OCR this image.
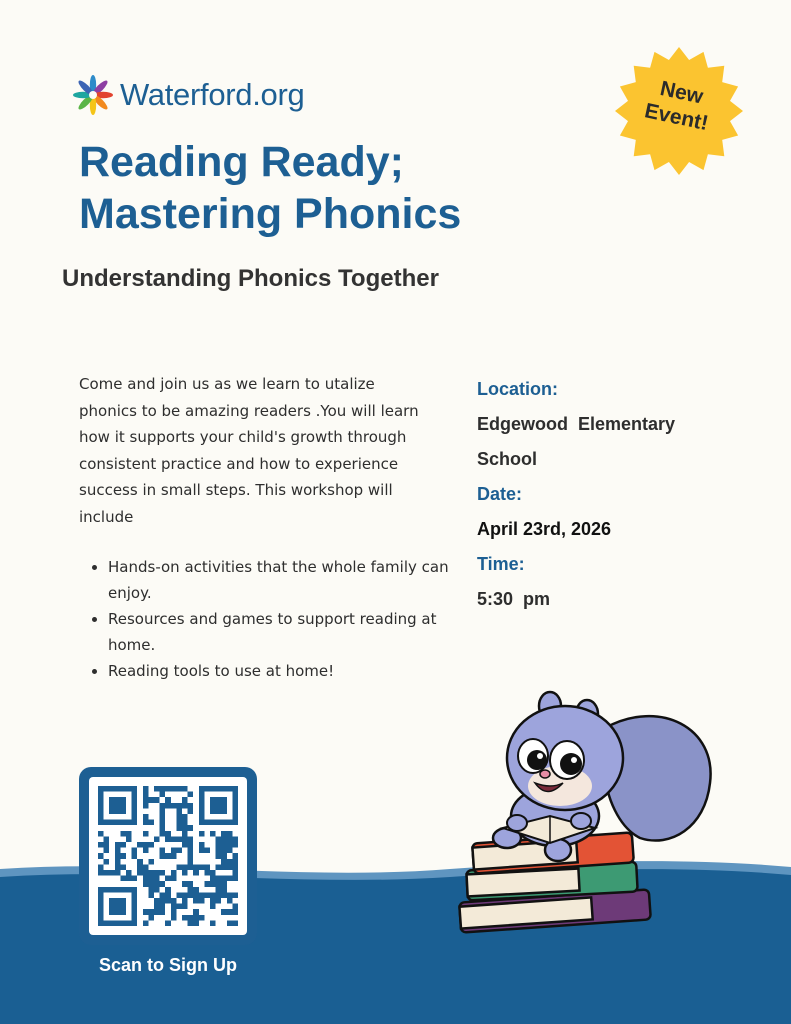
Waterford.org	New
Event!
Reading Ready;
Mastering Phonics
Understanding Phonics Together

Come and join us as we learn to utalize phonics to be amazing readers .You will learn how it supports your child's growth through consistent practice and how to experience success in small steps. This workshop will include

• Hands-on activities that the whole family can enjoy.
• Resources and games to support reading at home.
• Reading tools to use at home!
Location:
Edgewood  Elementary
School
Date:
April 23rd, 2026
Time:
5:30  pm
Scan to Sign Up
